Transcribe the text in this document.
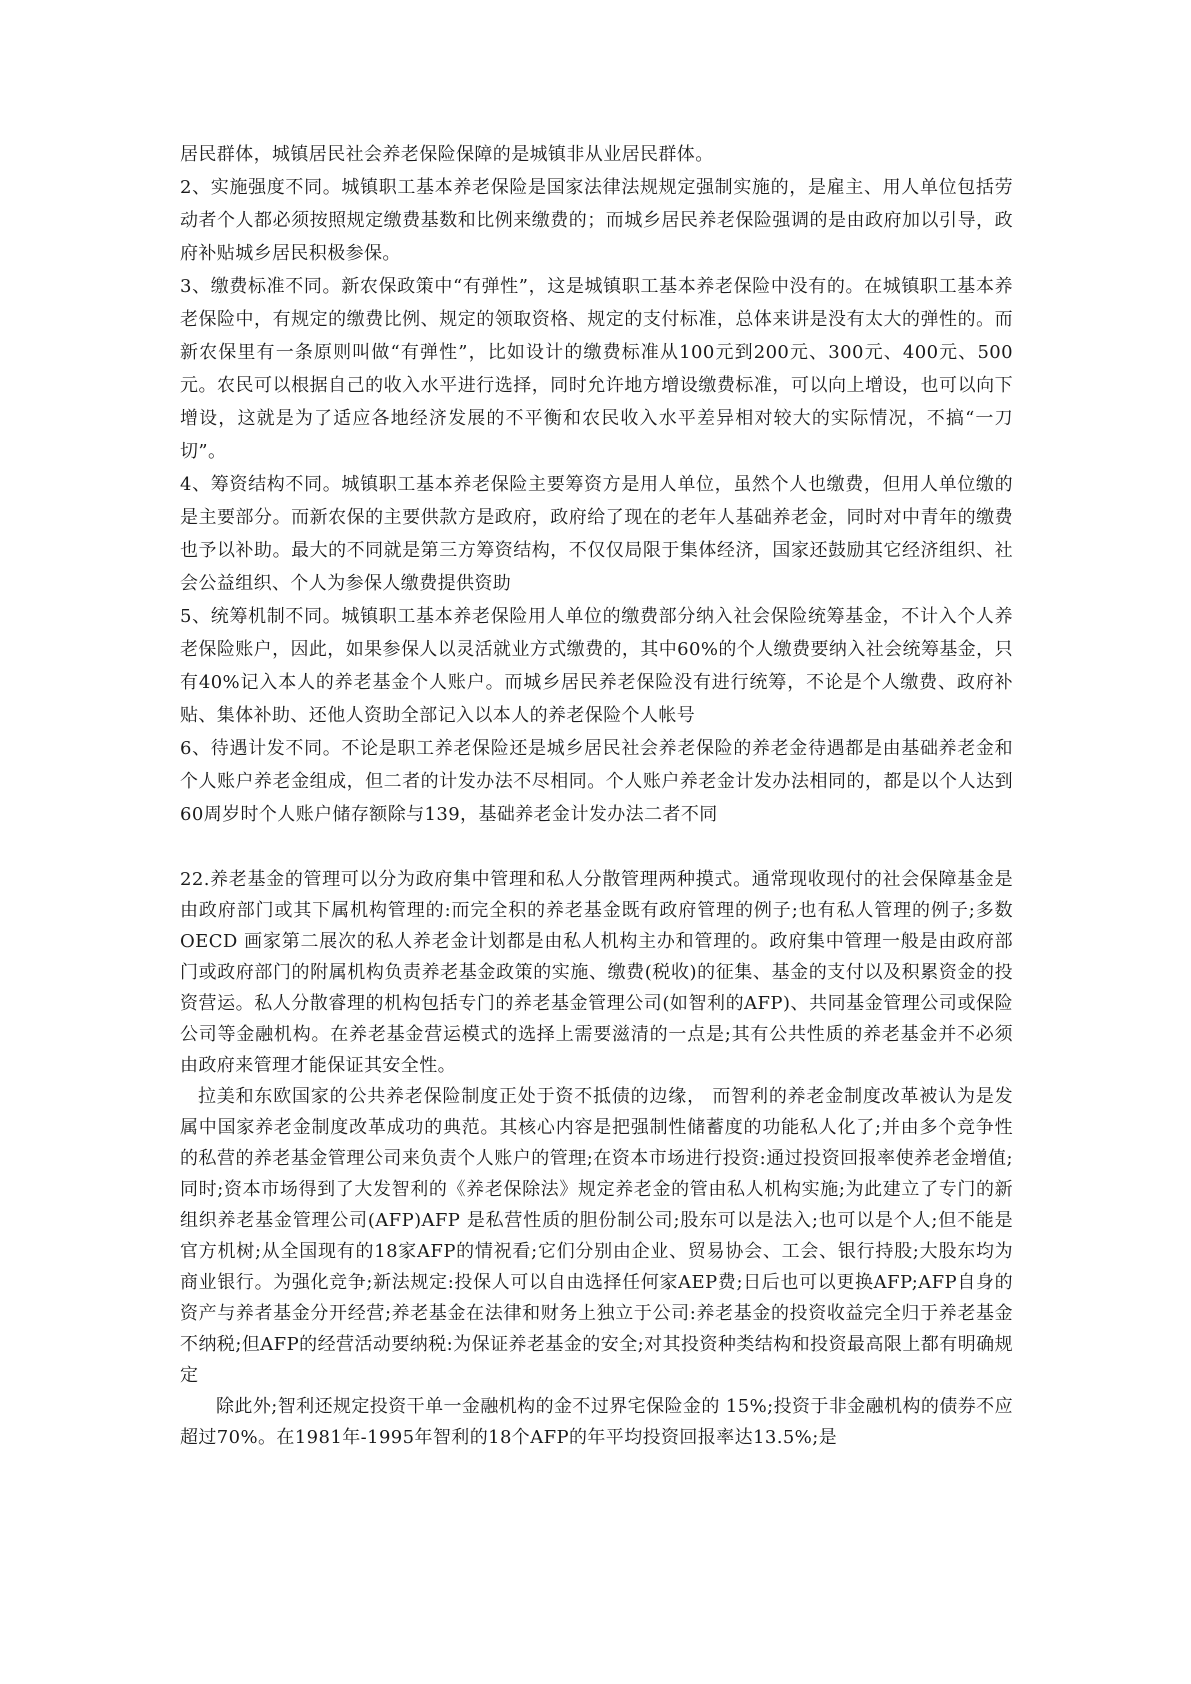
居民群体，城镇居民社会养老保险保障的是城镇非从业居民群体。

2、实施强度不同。城镇职工基本养老保险是国家法律法规规定强制实施的，是雇主、用人单位包括劳动者个人都必须按照规定缴费基数和比例来缴费的；而城乡居民养老保险强调的是由政府加以引导，政府补贴城乡居民积极参保。

3、缴费标准不同。新农保政策中“有弹性”，这是城镇职工基本养老保险中没有的。在城镇职工基本养老保险中，有规定的缴费比例、规定的领取资格、规定的支付标准，总体来讲是没有太大的弹性的。而新农保里有一条原则叫做“有弹性”，比如设计的缴费标准从100元到200元、300元、400元、500元。农民可以根据自己的收入水平进行选择，同时允许地方增设缴费标准，可以向上增设，也可以向下增设，这就是为了适应各地经济发展的不平衡和农民收入水平差异相对较大的实际情况，不搞“一刀切”。

4、筹资结构不同。城镇职工基本养老保险主要筹资方是用人单位，虽然个人也缴费，但用人单位缴的是主要部分。而新农保的主要供款方是政府，政府给了现在的老年人基础养老金，同时对中青年的缴费也予以补助。最大的不同就是第三方筹资结构，不仅仅局限于集体经济，国家还鼓励其它经济组织、社会公益组织、个人为参保人缴费提供资助

5、统筹机制不同。城镇职工基本养老保险用人单位的缴费部分纳入社会保险统筹基金，不计入个人养老保险账户，因此，如果参保人以灵活就业方式缴费的，其中60%的个人缴费要纳入社会统筹基金，只有40%记入本人的养老基金个人账户。而城乡居民养老保险没有进行统筹，不论是个人缴费、政府补贴、集体补助、还他人资助全部记入以本人的养老保险个人帐号

6、待遇计发不同。不论是职工养老保险还是城乡居民社会养老保险的养老金待遇都是由基础养老金和个人账户养老金组成，但二者的计发办法不尽相同。个人账户养老金计发办法相同的，都是以个人达到60周岁时个人账户储存额除与139，基础养老金计发办法二者不同

22.养老基金的管理可以分为政府集中管理和私人分散管理两种摸式。通常现收现付的社会保障基金是由政府部门或其下属机构管理的:而完全积的养老基金既有政府管理的例子;也有私人管理的例子;多数 OECD 画家第二展次的私人养老金计划都是由私人机构主办和管理的。政府集中管理一般是由政府部门或政府部门的附属机构负责养老基金政策的实施、缴费(税收)的征集、基金的支付以及积累资金的投资营运。私人分散睿理的机构包括专门的养老基金管理公司(如智利的AFP)、共同基金管理公司或保险公司等金融机构。在养老基金营运模式的选择上需要滋清的一点是;其有公共性质的养老基金并不必须由政府来管理才能保证其安全性。

拉美和东欧国家的公共养老保险制度正处于资不抵债的边缘， 而智利的养老金制度改革被认为是发属中国家养老金制度改革成功的典范。其核心内容是把强制性储蓄度的功能私人化了;并由多个竞争性的私营的养老基金管理公司来负责个人账户的管理;在资本市场进行投资:通过投资回报率使养老金增值;同时;资本市场得到了大发智利的《养老保除法》规定养老金的管由私人机构实施;为此建立了专门的新组织养老基金管理公司(AFP)AFP 是私营性质的胆份制公司;股东可以是法入;也可以是个人;但不能是官方机树;从全国现有的18家AFP的情祝看;它们分别由企业、贸易协会、工会、银行持股;大股东均为商业银行。为强化竞争;新法规定:投保人可以自由选择任何家AEP费;日后也可以更换AFP;AFP自身的资产与养者基金分开经营;养老基金在法律和财务上独立于公司:养老基金的投资收益完全归于养老基金不纳税;但AFP的经营活动要纳税:为保证养老基金的安全;对其投资种类结构和投资最高限上都有明确规定

除此外;智利还规定投资干单一金融机构的金不过界宅保险金的 15%;投资于非金融机构的债券不应超过70%。在1981年-1995年智利的18个AFP的年平均投资回报率达13.5%;是
